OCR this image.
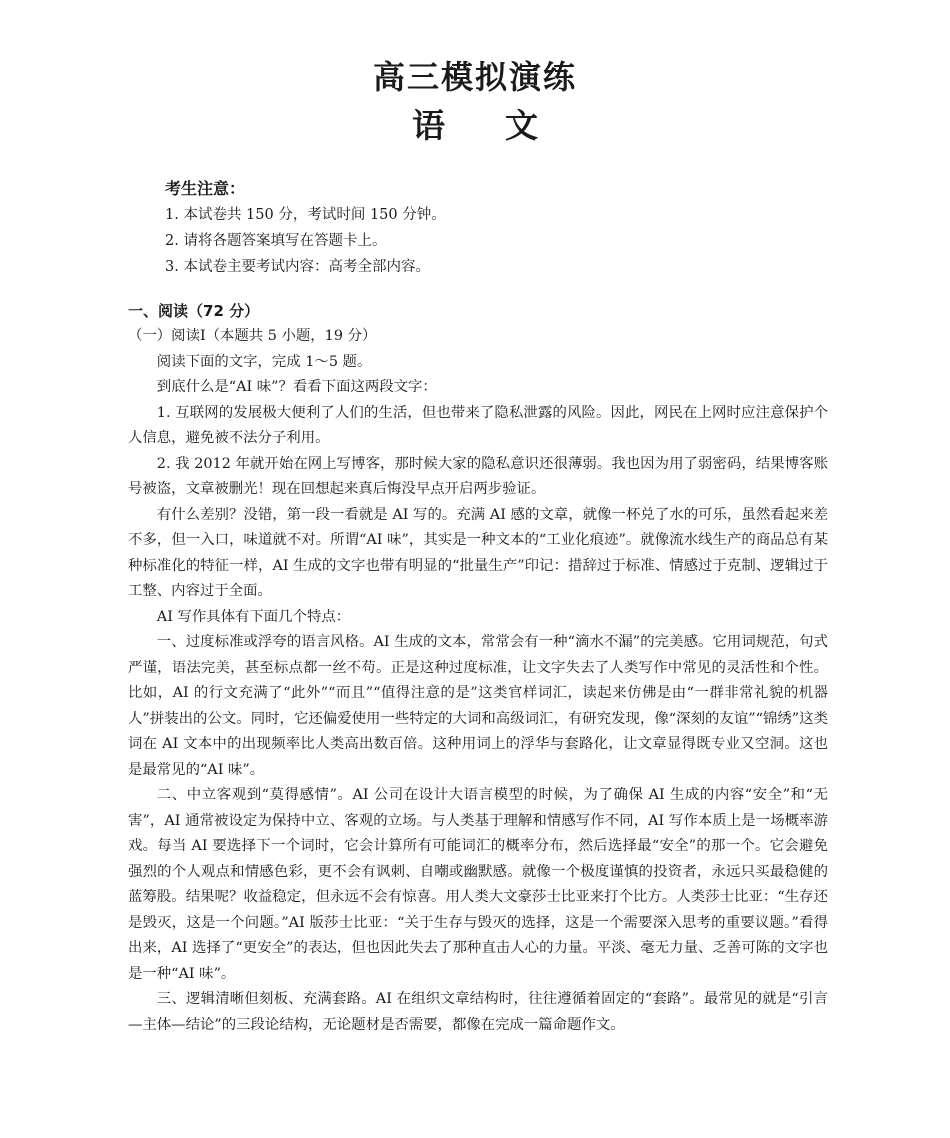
高三模拟演练
语文
考生注意：
1. 本试卷共 150 分，考试时间 150 分钟。
2. 请将各题答案填写在答题卡上。
3. 本试卷主要考试内容：高考全部内容。
一、阅读（72 分）

（一）阅读Ⅰ（本题共 5 小题，19 分）

阅读下面的文字，完成 1～5 题。

到底什么是“AI 味”？看看下面这两段文字：

1. 互联网的发展极大便利了人们的生活，但也带来了隐私泄露的风险。因此，网民在上网时应注意保护个人信息，避免被不法分子利用。

2. 我 2012 年就开始在网上写博客，那时候大家的隐私意识还很薄弱。我也因为用了弱密码，结果博客账号被盗，文章被删光！现在回想起来真后悔没早点开启两步验证。

有什么差别？没错，第一段一看就是 AI 写的。充满 AI 感的文章，就像一杯兑了水的可乐，虽然看起来差不多，但一入口，味道就不对。所谓“AI 味”，其实是一种文本的“工业化痕迹”。就像流水线生产的商品总有某种标准化的特征一样，AI 生成的文字也带有明显的“批量生产”印记：措辞过于标准、情感过于克制、逻辑过于工整、内容过于全面。

AI 写作具体有下面几个特点：

一、过度标准或浮夸的语言风格。AI 生成的文本，常常会有一种“滴水不漏”的完美感。它用词规范，句式严谨，语法完美，甚至标点都一丝不苟。正是这种过度标准，让文字失去了人类写作中常见的灵活性和个性。比如，AI 的行文充满了“此外”“而且”“值得注意的是”这类官样词汇，读起来仿佛是由“一群非常礼貌的机器人”拼装出的公文。同时，它还偏爱使用一些特定的大词和高级词汇，有研究发现，像“深刻的友谊”“锦绣”这类词在 AI 文本中的出现频率比人类高出数百倍。这种用词上的浮华与套路化，让文章显得既专业又空洞。这也是最常见的“AI 味”。

二、中立客观到“莫得感情”。AI 公司在设计大语言模型的时候，为了确保 AI 生成的内容“安全”和“无害”，AI 通常被设定为保持中立、客观的立场。与人类基于理解和情感写作不同，AI 写作本质上是一场概率游戏。每当 AI 要选择下一个词时，它会计算所有可能词汇的概率分布，然后选择最“安全”的那一个。它会避免强烈的个人观点和情感色彩，更不会有讽刺、自嘲或幽默感。就像一个极度谨慎的投资者，永远只买最稳健的蓝筹股。结果呢？收益稳定，但永远不会有惊喜。用人类大文豪莎士比亚来打个比方。人类莎士比亚：“生存还是毁灭，这是一个问题。”AI 版莎士比亚：“关于生存与毁灭的选择，这是一个需要深入思考的重要议题。”看得出来，AI 选择了“更安全”的表达，但也因此失去了那种直击人心的力量。平淡、毫无力量、乏善可陈的文字也是一种“AI 味”。

三、逻辑清晰但刻板、充满套路。AI 在组织文章结构时，往往遵循着固定的“套路”。最常见的就是“引言—主体—结论”的三段论结构，无论题材是否需要，都像在完成一篇命题作文。
